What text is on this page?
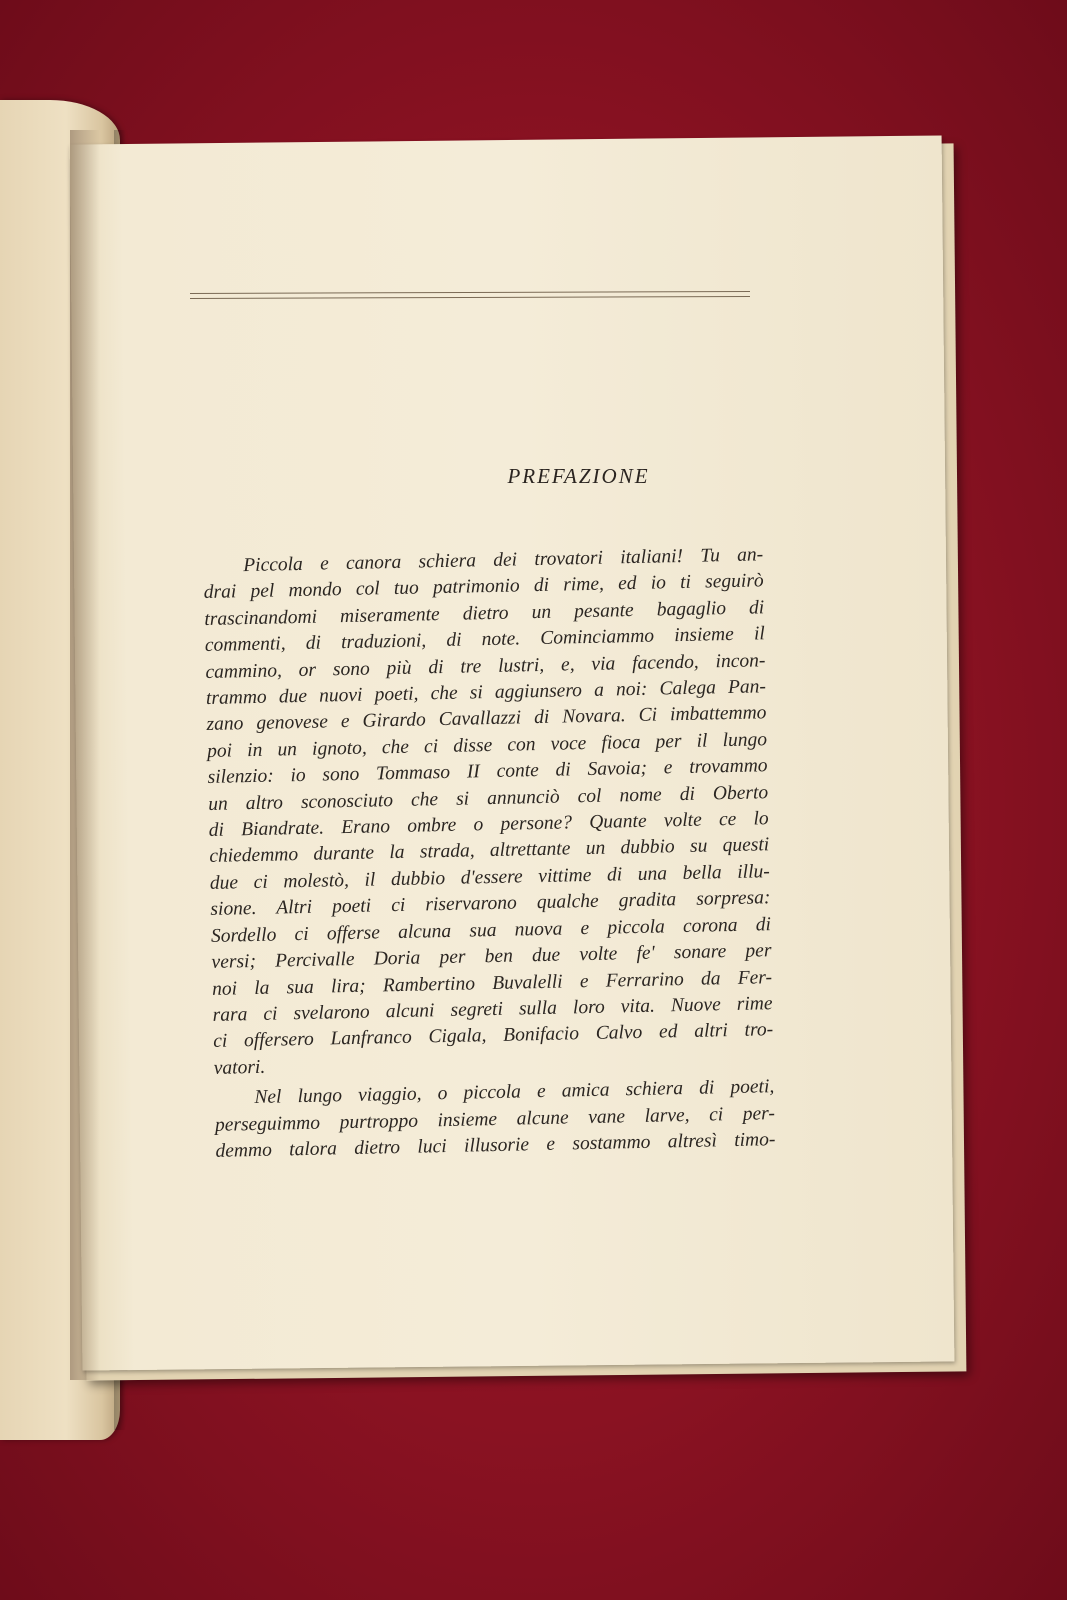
PREFAZIONE
Piccola e canora schiera dei trovatori italiani! Tu an-
drai pel mondo col tuo patrimonio di rime, ed io ti seguirò
trascinandomi miseramente dietro un pesante bagaglio di
commenti, di traduzioni, di note. Cominciammo insieme il
cammino, or sono più di tre lustri, e, via facendo, incon-
trammo due nuovi poeti, che si aggiunsero a noi: Calega Pan-
zano genovese e Girardo Cavallazzi di Novara. Ci imbattemmo
poi in un ignoto, che ci disse con voce fioca per il lungo
silenzio: io sono Tommaso II conte di Savoia; e trovammo
un altro sconosciuto che si annunciò col nome di Oberto
di Biandrate. Erano ombre o persone? Quante volte ce lo
chiedemmo durante la strada, altrettante un dubbio su questi
due ci molestò, il dubbio d'essere vittime di una bella illu-
sione. Altri poeti ci riservarono qualche gradita sorpresa:
Sordello ci offerse alcuna sua nuova e piccola corona di
versi; Percivalle Doria per ben due volte fe' sonare per
noi la sua lira; Rambertino Buvalelli e Ferrarino da Fer-
rara ci svelarono alcuni segreti sulla loro vita. Nuove rime
ci offersero Lanfranco Cigala, Bonifacio Calvo ed altri tro-
vatori.
Nel lungo viaggio, o piccola e amica schiera di poeti,
perseguimmo purtroppo insieme alcune vane larve, ci per-
demmo talora dietro luci illusorie e sostammo altresì timo-
